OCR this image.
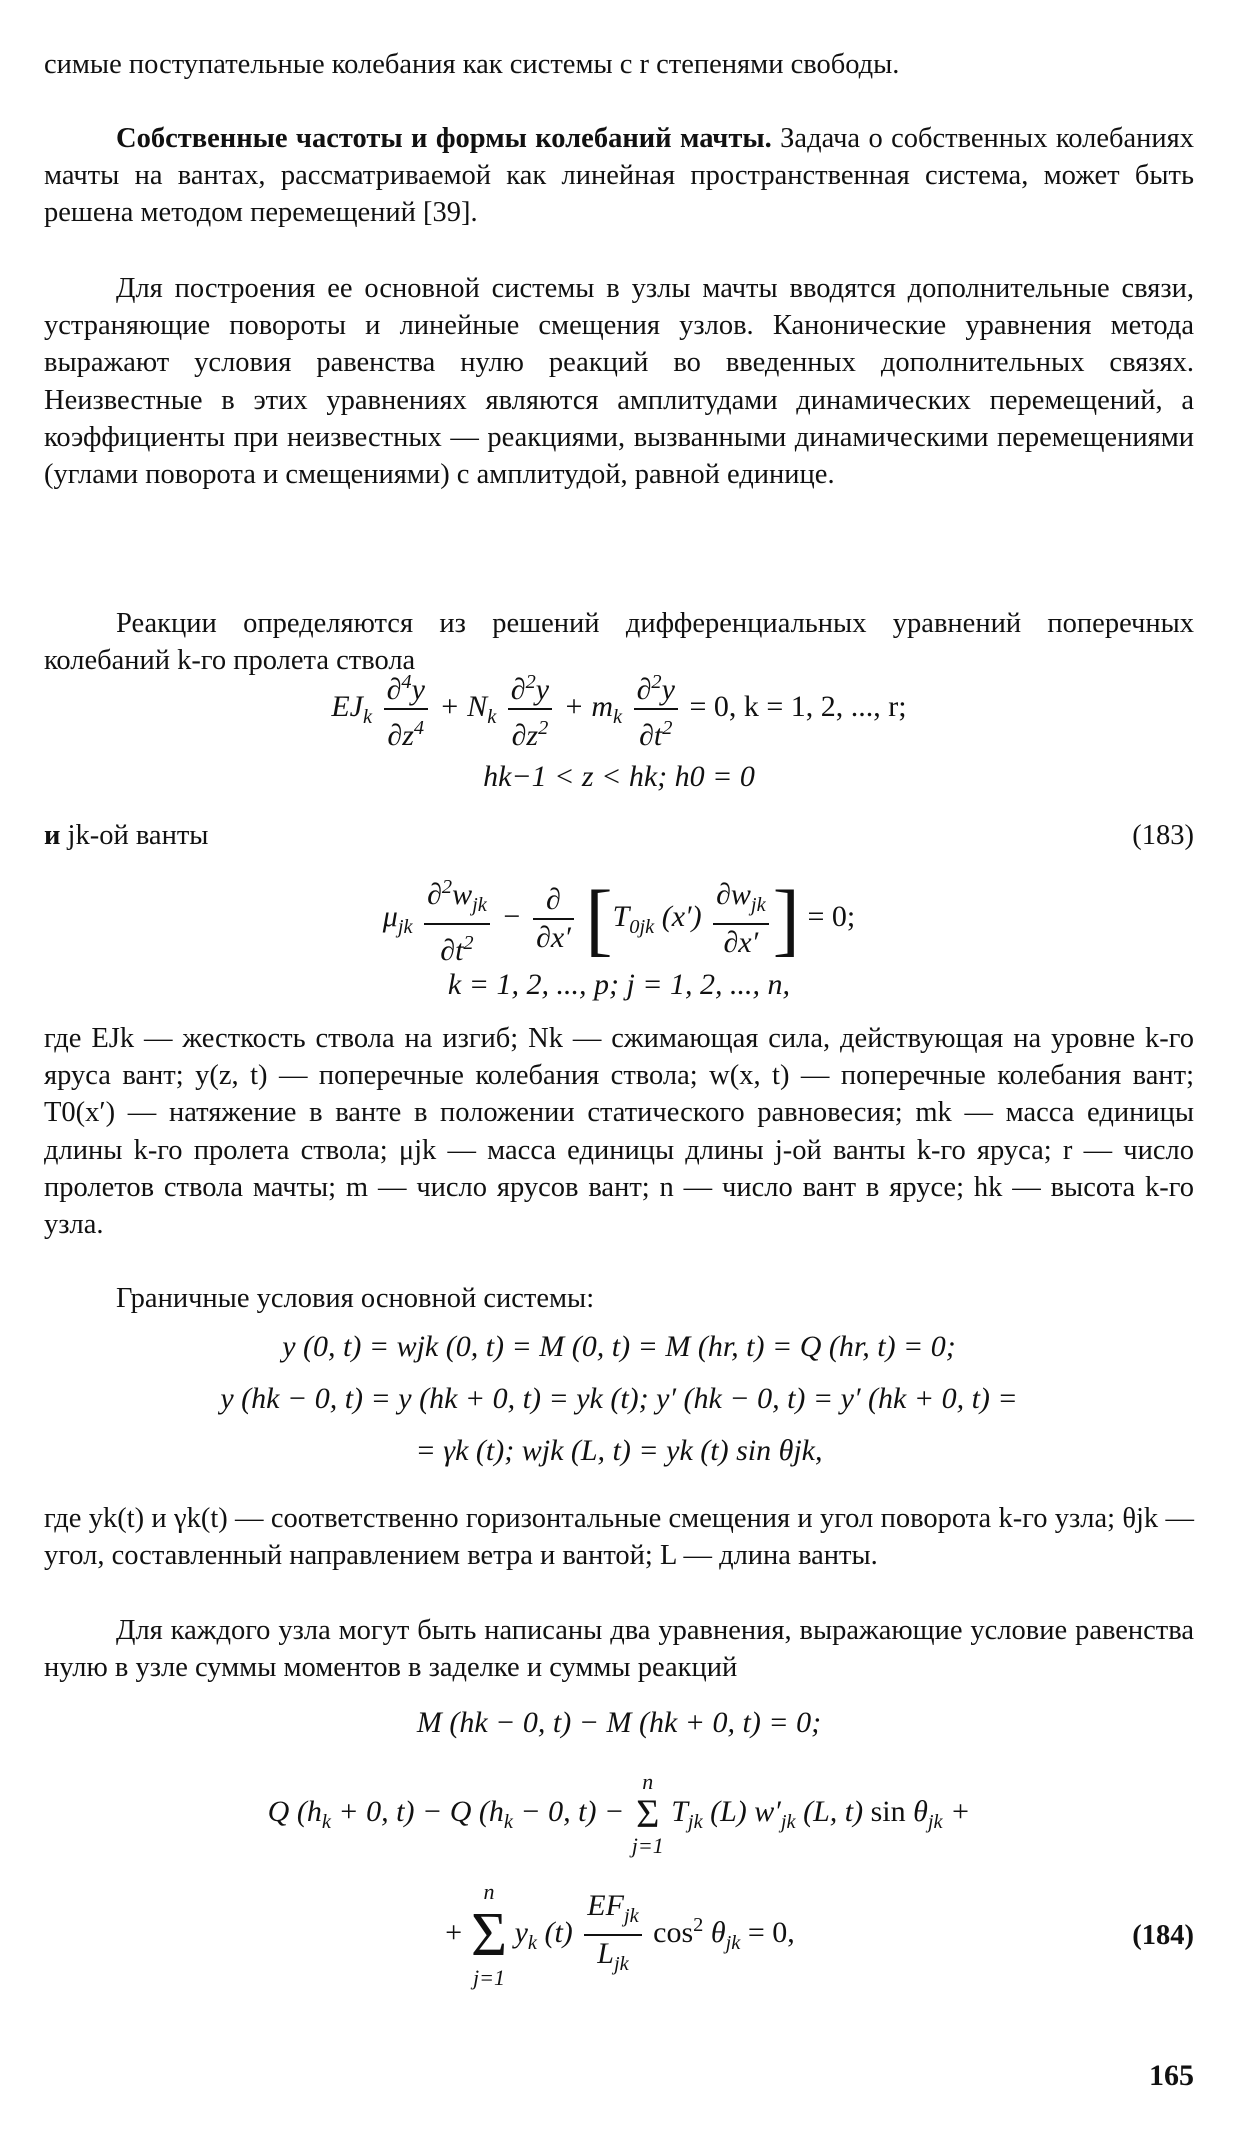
симые поступательные колебания как системы с r степенями свободы.

Собственные частоты и формы колебаний мачты. Задача о собственных колебаниях мачты на вантах, рассматриваемой как линейная пространственная система, может быть решена методом перемещений [39].

Для построения ее основной системы в узлы мачты вводятся дополнительные связи, устраняющие повороты и линейные смещения узлов. Канонические уравнения метода выражают условия равенства нулю реакций во введенных дополнительных связях. Неизвестные в этих уравнениях являются амплитудами динамических перемещений, а коэффициенты при неизвестных — реакциями, вызванными динамическими перемещениями (углами поворота и смещениями) с амплитудой, равной единице.

Реакции определяются из решений дифференциальных уравнений поперечных колебаний k-го пролета ствола

$EJ_k \frac{\partial^4y}{\partial z^4} + N_k \frac{\partial^2y}{\partial z^2} + m_k \frac{\partial^2y}{\partial t^2} = 0$, k = 1, 2, ..., r;
hk−1 < z < hk; h0 = 0
и jk-ой ванты	(183)
$\mu_{jk} \frac{\partial^2w_{jk}}{\partial t^2} - \frac{\partial}{\partial x'} [T_{0jk}$ $(x') \frac{\partial w_{jk}}{\partial x'}$ ] = 0;
k = 1, 2, ..., p; j = 1, 2, ..., n,

где EJk — жесткость ствола на изгиб; Nk — сжимающая сила, действующая на уровне k-го яруса вант; y(z, t) — поперечные колебания ствола; w(x, t) — поперечные колебания вант; T0(x′) — натяжение в ванте в положении статического равновесия; mk — масса единицы длины k-го пролета ствола; μjk — масса единицы длины j-ой ванты k-го яруса; r — число пролетов ствола мачты; m — число ярусов вант; n — число вант в ярусе; hk — высота k-го узла.

Граничные условия основной системы:

y (0, t) = wjk (0, t) = M (0, t) = M (hr, t) = Q (hr, t) = 0;
y (hk − 0, t) = y (hk + 0, t) = yk (t); y′ (hk − 0, t) = y′ (hk + 0, t) =
= γk (t); wjk (L, t) = yk (t) sin θjk,

где yk(t) и γk(t) — соответственно горизонтальные смещения и угол поворота k-го узла; θjk — угол, составленный направлением ветра и вантой; L — длина ванты.

Для каждого узла могут быть написаны два уравнения, выражающие условие равенства нулю в узле суммы моментов в заделке и суммы реакций

M (hk − 0, t) − M (hk + 0, t) = 0;
Q ($h_k + 0$, t) − Q ($h_k - 0$, t) −
n
Σ
j=1
$T_{jk}$ (L) $w'_{jk}$ (L, t) $\sin \theta_{jk}$ +
+
n
Σ
j=1
$y_k$ $(t) \frac{EF_{jk}}{L_{jk}} \cos^2 \theta_{jk} = 0$,	(184)
165
